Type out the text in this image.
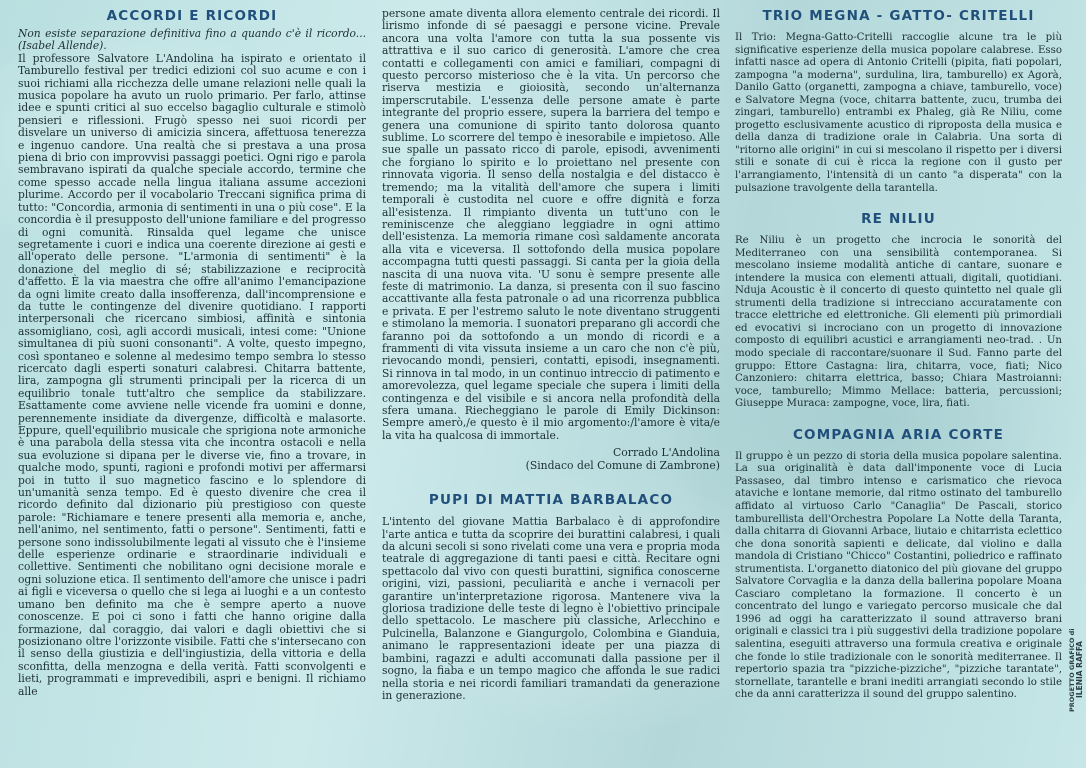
ACCORDI E RICORDI

Non esiste separazione definitiva fino a quando c'è il ricordo... (Isabel Allende).

Il professore Salvatore L'Andolina ha ispirato e orientato il Tamburello festival per tredici edizioni col suo acume e con i suoi richiami alla ricchezza delle umane relazioni nelle quali la musica popolare ha avuto un ruolo primario. Per farlo, attinse idee e spunti critici al suo eccelso bagaglio culturale e stimolò pensieri e riflessioni. Frugò spesso nei suoi ricordi per disvelare un universo di amicizia sincera, affettuosa tenerezza e ingenuo candore. Una realtà che si prestava a una prosa piena di brio con improvvisi passaggi poetici. Ogni rigo e parola sembravano ispirati da qualche speciale accordo, termine che come spesso accade nella lingua italiana assume accezioni plurime. Accordo per il vocabolario Treccani significa prima di tutto: "Concordia, armonia di sentimenti in una o più cose". E la concordia è il presupposto dell'unione familiare e del progresso di ogni comunità. Rinsalda quel legame che unisce segretamente i cuori e indica una coerente direzione ai gesti e all'operato delle persone. "L'armonia di sentimenti" è la donazione del meglio di sé; stabilizzazione e reciprocità d'affetto. È la via maestra che offre all'animo l'emancipazione da ogni limite creato dalla insofferenza, dall'incomprensione e da tutte le contingenze del divenire quotidiano. I rapporti interpersonali che ricercano simbiosi, affinità e sintonia assomigliano, così, agli accordi musicali, intesi come: "Unione simultanea di più suoni consonanti". A volte, questo impegno, così spontaneo e solenne al medesimo tempo sembra lo stesso ricercato dagli esperti sonaturi calabresi. Chitarra battente, lira, zampogna gli strumenti principali per la ricerca di un equilibrio tonale tutt'altro che semplice da stabilizzare. Esattamente come avviene nelle vicende fra uomini e donne, perennemente insidiate da divergenze, difficoltà e malasorte. Eppure, quell'equilibrio musicale che sprigiona note armoniche è una parabola della stessa vita che incontra ostacoli e nella sua evoluzione si dipana per le diverse vie, fino a trovare, in qualche modo, spunti, ragioni e profondi motivi per affermarsi poi in tutto il suo magnetico fascino e lo splendore di un'umanità senza tempo. Ed è questo divenire che crea il ricordo definito dal dizionario più prestigioso con queste parole: "Richiamare e tenere presenti alla memoria e, anche, nell'animo, nel sentimento, fatti o persone". Sentimenti, fatti e persone sono indissolubilmente legati al vissuto che è l'insieme delle esperienze ordinarie e straordinarie individuali e collettive. Sentimenti che nobilitano ogni decisione morale e ogni soluzione etica. Il sentimento dell'amore che unisce i padri ai figli e viceversa o quello che si lega ai luoghi e a un contesto umano ben definito ma che è sempre aperto a nuove conoscenze. E poi ci sono i fatti che hanno origine dalla formazione, dal coraggio, dai valori e dagli obiettivi che si posizionano oltre l'orizzonte visibile. Fatti che s'intersecano con il senso della giustizia e dell'ingiustizia, della vittoria e della sconfitta, della menzogna e della verità. Fatti sconvolgenti e lieti, programmati e imprevedibili, aspri e benigni. Il richiamo alle

persone amate diventa allora elemento centrale dei ricordi. Il lirismo infonde di sé paesaggi e persone vicine. Prevale ancora una volta l'amore con tutta la sua possente vis attrattiva e il suo carico di generosità. L'amore che crea contatti e collegamenti con amici e familiari, compagni di questo percorso misterioso che è la vita. Un percorso che riserva mestizia e gioiosità, secondo un'alternanza imperscrutabile. L'essenza delle persone amate è parte integrante del proprio essere, supera la barriera del tempo e genera una comunione di spirito tanto dolorosa quanto sublime. Lo scorrere del tempo è inesorabile e impietoso. Alle sue spalle un passato ricco di parole, episodi, avvenimenti che forgiano lo spirito e lo proiettano nel presente con rinnovata vigoria. Il senso della nostalgia e del distacco è tremendo; ma la vitalità dell'amore che supera i limiti temporali è custodita nel cuore e offre dignità e forza all'esistenza. Il rimpianto diventa un tutt'uno con le reminiscenze che aleggiano leggiadre in ogni attimo dell'esistenza. La memoria rimane così saldamente ancorata alla vita e viceversa. Il sottofondo della musica popolare accompagna tutti questi passaggi. Si canta per la gioia della nascita di una nuova vita. 'U sonu è sempre presente alle feste di matrimonio. La danza, si presenta con il suo fascino accattivante alla festa patronale o ad una ricorrenza pubblica e privata. E per l'estremo saluto le note diventano struggenti e stimolano la memoria. I suonatori preparano gli accordi che faranno poi da sottofondo a un mondo di ricordi e a frammenti di vita vissuta insieme a un caro che non c'è più, rievocando mondi, pensieri, contatti, episodi, insegnamenti. Si rinnova in tal modo, in un continuo intreccio di patimento e amorevolezza, quel legame speciale che supera i limiti della contingenza e del visibile e si ancora nella profondità della sfera umana. Riecheggiano le parole di Emily Dickinson: Sempre amerò,/e questo è il mio argomento:/l'amore è vita/e la vita ha qualcosa di immortale.

Corrado L'Andolina
(Sindaco del Comune di Zambrone)
PUPI DI MATTIA BARBALACO

L'intento del giovane Mattia Barbalaco è di approfondire l'arte antica e tutta da scoprire dei burattini calabresi, i quali da alcuni secoli si sono rivelati come una vera e propria moda teatrale di aggregazione di tanti paesi e città. Recitare ogni spettacolo dal vivo con questi burattini, significa conoscerne origini, vizi, passioni, peculiarità e anche i vernacoli per garantire un'interpretazione rigorosa. Mantenere viva la gloriosa tradizione delle teste di legno è l'obiettivo principale dello spettacolo. Le maschere più classiche, Arlecchino e Pulcinella, Balanzone e Giangurgolo, Colombina e Gianduia, animano le rappresentazioni ideate per una piazza di bambini, ragazzi e adulti accomunati dalla passione per il sogno, la fiaba e un tempo magico che affonda le sue radici nella storia e nei ricordi familiari tramandati da generazione in generazione.

TRIO MEGNA - GATTO- CRITELLI

Il Trio: Megna-Gatto-Critelli raccoglie alcune tra le più significative esperienze della musica popolare calabrese. Esso infatti nasce ad opera di Antonio Critelli (pipita, fiati popolari, zampogna "a moderna", surdulina, lira, tamburello) ex Agorà, Danilo Gatto (organetti, zampogna a chiave, tamburello, voce) e Salvatore Megna (voce, chitarra battente, zucu, trumba dei zingari, tamburello) entrambi ex Phaleg, già Re Niliu, come progetto esclusivamente acustico di riproposta della musica e della danza di tradizione orale in Calabria. Una sorta di "ritorno alle origini" in cui si mescolano il rispetto per i diversi stili e sonate di cui è ricca la regione con il gusto per l'arrangiamento, l'intensità di un canto "a disperata" con la pulsazione travolgente della tarantella.

RE NILIU

Re Niliu è un progetto che incrocia le sonorità del Mediterraneo con una sensibilità contemporanea. Si mescolano insieme modalità antiche di cantare, suonare e intendere la musica con elementi attuali, digitali, quotidiani. Nduja Acoustic è il concerto di questo quintetto nel quale gli strumenti della tradizione si intrecciano accuratamente con tracce elettriche ed elettroniche. Gli elementi più primordiali ed evocativi si incrociano con un progetto di innovazione composto di equilibri acustici e arrangiamenti neo-trad. . Un modo speciale di raccontare/suonare il Sud. Fanno parte del gruppo: Ettore Castagna: lira, chitarra, voce, fiati; Nico Canzoniero: chitarra elettrica, basso; Chiara Mastroianni: voce, tamburello; Mimmo Mellace: batteria, percussioni; Giuseppe Muraca: zampogne, voce, lira, fiati.

COMPAGNIA ARIA CORTE

Il gruppo è un pezzo di storia della musica popolare salentina. La sua originalità è data dall'imponente voce di Lucia Passaseo, dal timbro intenso e carismatico che rievoca ataviche e lontane memorie, dal ritmo ostinato del tamburello affidato al virtuoso Carlo "Canaglia" De Pascali, storico tamburellista dell'Orchestra Popolare La Notte della Taranta, dalla chitarra di Giovanni Arbace, liutaio e chitarrista eclettico che dona sonorità sapienti e delicate, dal violino e dalla mandola di Cristiano "Chicco" Costantini, poliedrico e raffinato strumentista. L'organetto diatonico del più giovane del gruppo Salvatore Corvaglia e la danza della ballerina popolare Moana Casciaro completano la formazione. Il concerto è un concentrato del lungo e variegato percorso musicale che dal 1996 ad oggi ha caratterizzato il sound attraverso brani originali e classici tra i più suggestivi della tradizione popolare salentina, eseguiti attraverso una formula creativa e originale che fonde lo stile tradizionale con le sonorità mediterranee. Il repertorio spazia tra "pizziche-pizziche", "pizziche tarantate", stornellate, tarantelle e brani inediti arrangiati secondo lo stile che da anni caratterizza il sound del gruppo salentino.	PROGETTO GRAFICO di ILENIA RAFFA
